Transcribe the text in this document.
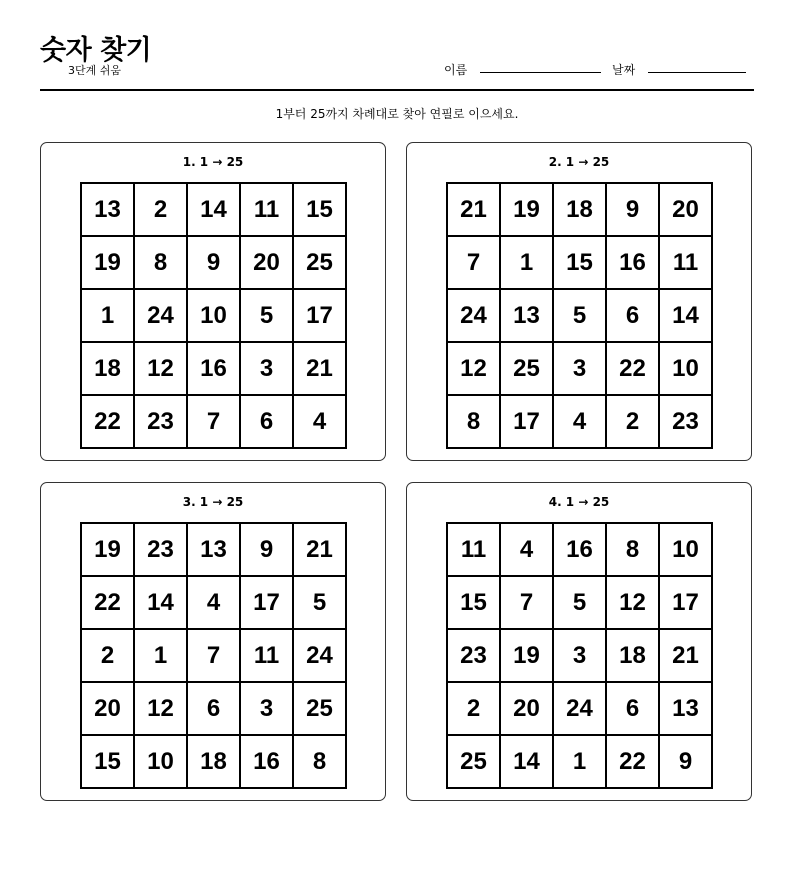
숫자 찾기
3단계 쉬움	이름	날짜
1부터 25까지 차례대로 찾아 연필로 이으세요.
1. 1 → 25
13	2	14	11	15
19	8	9	20	25
1	24	10	5	17
18	12	16	3	21
22	23	7	6	4
2. 1 → 25
21	19	18	9	20
7	1	15	16	11
24	13	5	6	14
12	25	3	22	10
8	17	4	2	23
3. 1 → 25
19	23	13	9	21
22	14	4	17	5
2	1	7	11	24
20	12	6	3	25
15	10	18	16	8
4. 1 → 25
11	4	16	8	10
15	7	5	12	17
23	19	3	18	21
2	20	24	6	13
25	14	1	22	9
